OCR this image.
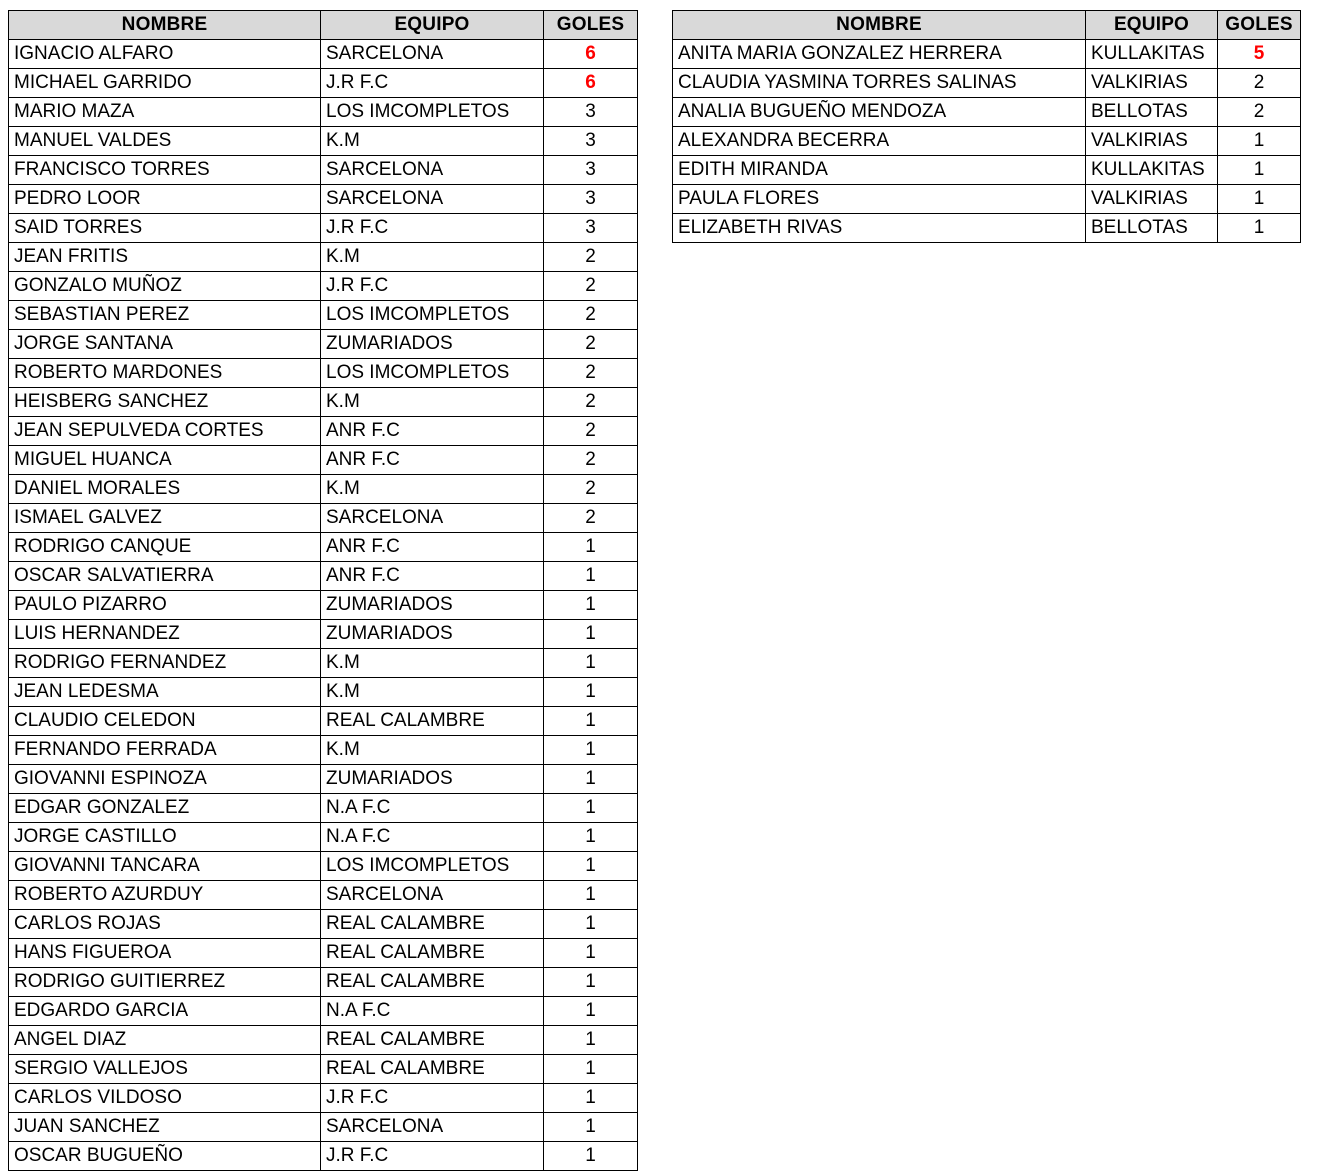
NOMBRE	EQUIPO	GOLES
IGNACIO ALFARO	SARCELONA	6
MICHAEL GARRIDO	J.R F.C	6
MARIO MAZA	LOS IMCOMPLETOS	3
MANUEL VALDES	K.M	3
FRANCISCO TORRES	SARCELONA	3
PEDRO LOOR	SARCELONA	3
SAID TORRES	J.R F.C	3
JEAN FRITIS	K.M	2
GONZALO MUÑOZ	J.R F.C	2
SEBASTIAN PEREZ	LOS IMCOMPLETOS	2
JORGE SANTANA	ZUMARIADOS	2
ROBERTO MARDONES	LOS IMCOMPLETOS	2
HEISBERG SANCHEZ	K.M	2
JEAN SEPULVEDA CORTES	ANR F.C	2
MIGUEL HUANCA	ANR F.C	2
DANIEL MORALES	K.M	2
ISMAEL GALVEZ	SARCELONA	2
RODRIGO CANQUE	ANR F.C	1
OSCAR SALVATIERRA	ANR F.C	1
PAULO PIZARRO	ZUMARIADOS	1
LUIS HERNANDEZ	ZUMARIADOS	1
RODRIGO FERNANDEZ	K.M	1
JEAN LEDESMA	K.M	1
CLAUDIO CELEDON	REAL CALAMBRE	1
FERNANDO FERRADA	K.M	1
GIOVANNI ESPINOZA	ZUMARIADOS	1
EDGAR GONZALEZ	N.A F.C	1
JORGE CASTILLO	N.A F.C	1
GIOVANNI TANCARA	LOS IMCOMPLETOS	1
ROBERTO AZURDUY	SARCELONA	1
CARLOS ROJAS	REAL CALAMBRE	1
HANS FIGUEROA	REAL CALAMBRE	1
RODRIGO GUITIERREZ	REAL CALAMBRE	1
EDGARDO GARCIA	N.A F.C	1
ANGEL DIAZ	REAL CALAMBRE	1
SERGIO VALLEJOS	REAL CALAMBRE	1
CARLOS VILDOSO	J.R F.C	1
JUAN SANCHEZ	SARCELONA	1
OSCAR BUGUEÑO	J.R F.C	1
NOMBRE	EQUIPO	GOLES
ANITA MARIA GONZALEZ HERRERA	KULLAKITAS	5
CLAUDIA YASMINA TORRES SALINAS	VALKIRIAS	2
ANALIA BUGUEÑO MENDOZA	BELLOTAS	2
ALEXANDRA BECERRA	VALKIRIAS	1
EDITH MIRANDA	KULLAKITAS	1
PAULA FLORES	VALKIRIAS	1
ELIZABETH RIVAS	BELLOTAS	1
